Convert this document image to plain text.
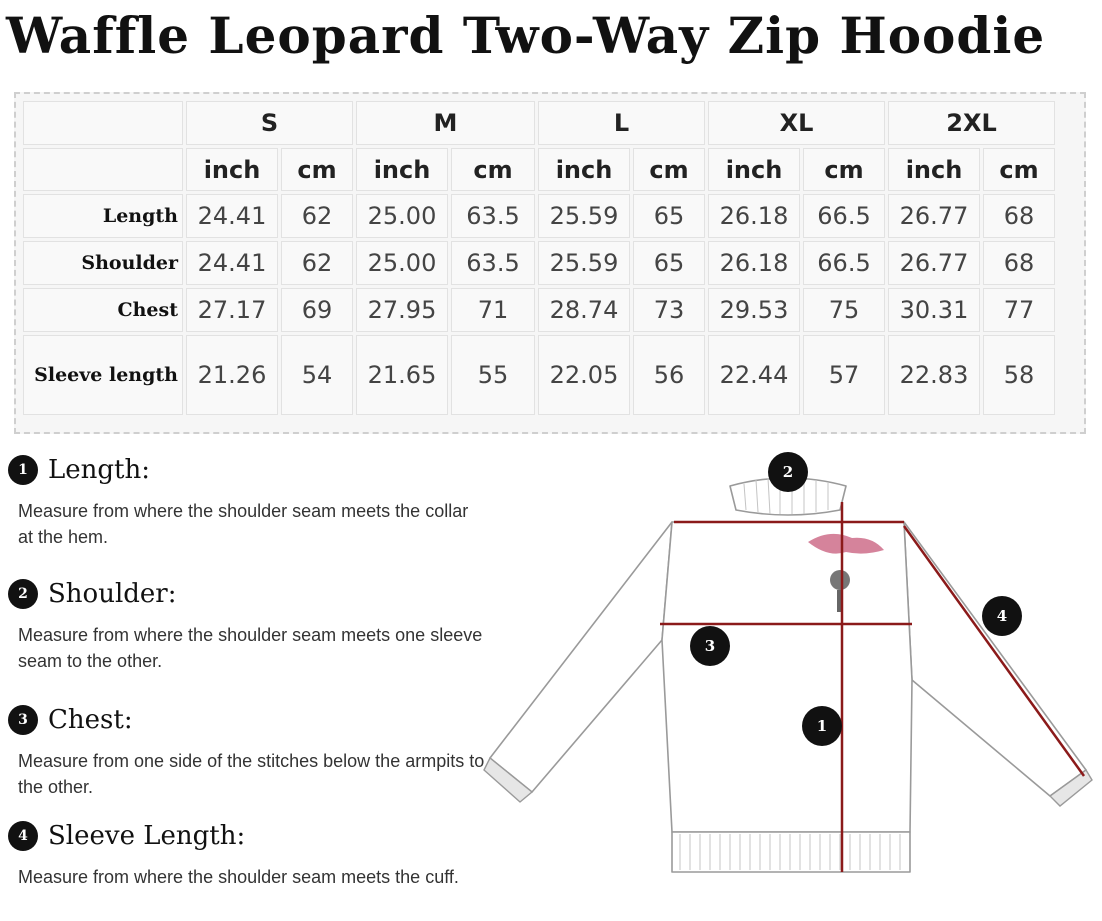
Waffle Leopard Two-Way Zip Hoodie
	S		M		L		XL		2XL	
	inch	cm	inch	cm	inch	cm	inch	cm	inch	cm
Length	24.41	62	25.00	63.5	25.59	65	26.18	66.5	26.77	68
Shoulder	24.41	62	25.00	63.5	25.59	65	26.18	66.5	26.77	68
Chest	27.17	69	27.95	71	28.74	73	29.53	75	30.31	77
Sleeve length	21.26	54	21.65	55	22.05	56	22.44	57	22.83	58
1 Length:
Measure from where the shoulder seam meets the collar at the hem.
2 Shoulder:
Measure from where the shoulder seam meets one sleeve seam to the other.
3 Chest:
Measure from one side of the stitches below the armpits to the other.
4 Sleeve Length:
Measure from where the shoulder seam meets the cuff.
2
4
3
1
